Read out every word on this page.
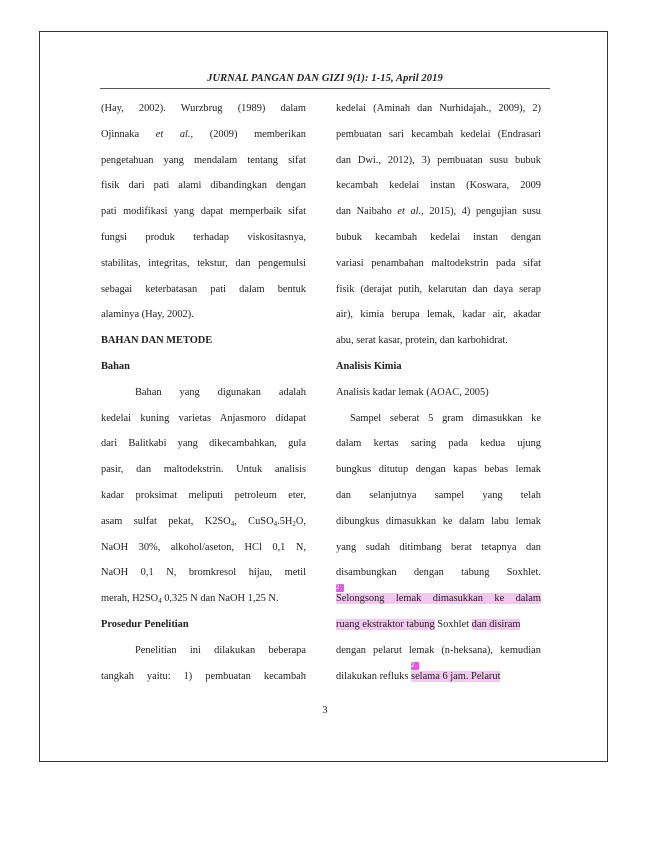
JURNAL PANGAN DAN GIZI 9(1): 1-15, April 2019
(Hay, 2002). Wurzbrug (1989) dalam
Ojinnaka et al., (2009) memberikan
pengetahuan yang mendalam tentang sifat
fisik dari pati alami dibandingkan dengan
pati modifikasi yang dapat memperbaik sifat
fungsi produk terhadap viskositasnya,
stabilitas, integritas, tekstur, dan pengemulsi
sebagai keterbatasan pati dalam bentuk
alaminya (Hay, 2002).
BAHAN DAN METODE
Bahan
Bahan yang digunakan adalah
kedelai kuning varietas Anjasmoro didapat
dari Balitkabi yang dikecambahkan, gula
pasir, dan maltodekstrin. Untuk analisis
kadar proksimat meliputi petroleum eter,
asam sulfat pekat, $K2SO_4$, $CuSO_4.5H_2O$,
NaOH 30%, alkohol/aseton, HCl 0,1 N,
NaOH 0,1 N, bromkresol hijau, metil
merah, $H2SO_4$ 0,325 N dan NaOH 1,25 N.
Prosedur Penelitian
Penelitian ini dilakukan beberapa
tangkah yaitu: 1) pembuatan kecambah
kedelai (Aminah dan Nurhidajah., 2009), 2)
pembuatan sari kecambah kedelai (Endrasari
dan Dwi., 2012), 3) pembuatan susu bubuk
kecambah kedelai instan (Koswara, 2009
dan Naibaho et al., 2015), 4) pengujian susu
bubuk kecambah kedelai instan dengan
variasi penambahan maltodekstrin pada sifat
fisik (derajat putih, kelarutan dan daya serap
air), kimia berupa lemak, kadar air, akadar
abu, serat kasar, protein, dan karbohidrat.
Analisis Kimia
Analisis kadar lemak (AOAC, 2005)
Sampel seberat 5 gram dimasukkan ke
dalam kertas saring pada kedua ujung
bungkus ditutup dengan kapas bebas lemak
dan selanjutnya sampel yang telah
dibungkus dimasukkan ke dalam labu lemak
yang sudah ditimbang berat tetapnya dan
disambungkan dengan tabung Soxhlet.
2
Selongsong lemak dimasukkan ke dalam
ruang ekstraktor tabung Soxhlet dan disiram
dengan pelarut lemak (n-heksana), kemudian
dilakukan refluks
2
selama 6 jam. Pelarut
3
